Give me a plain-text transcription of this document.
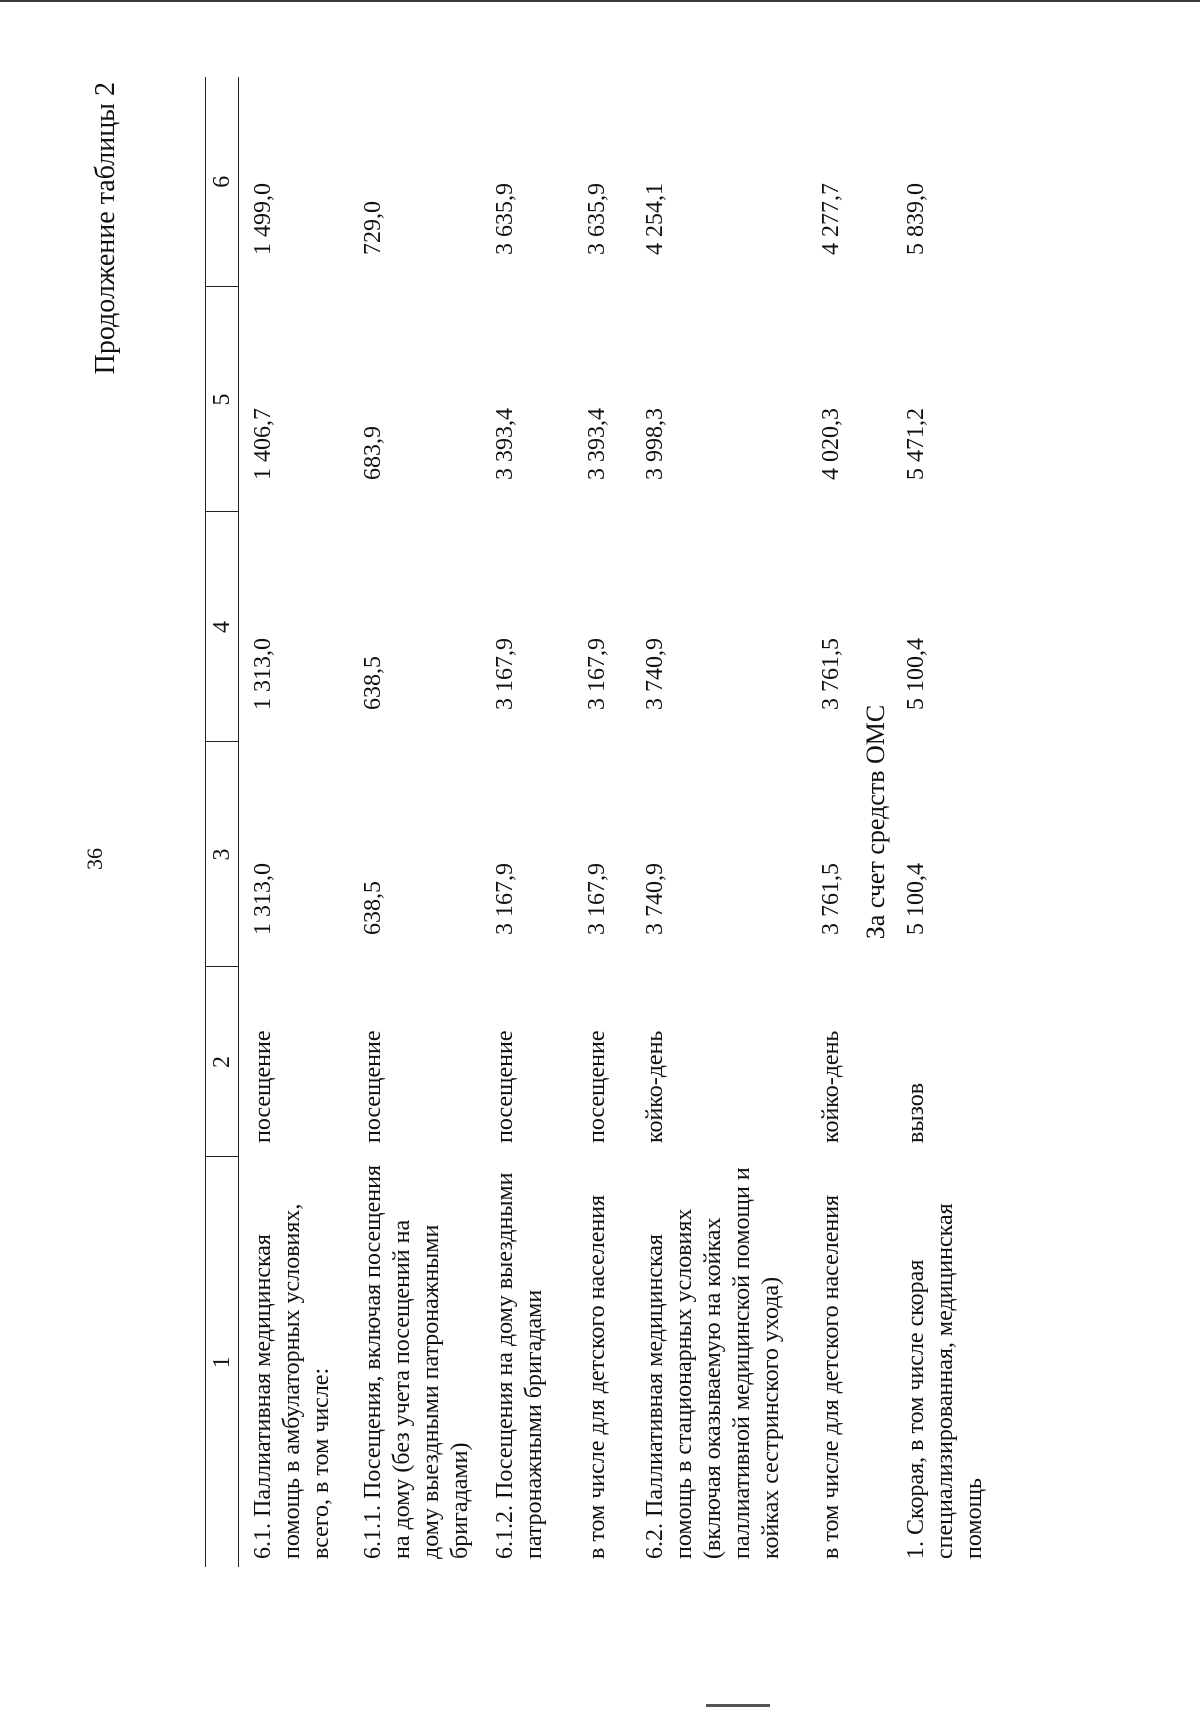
36
Продолжение таблицы 2
1	2	3	4	5	6
6.1. Паллиативная медицинская помощь в амбулаторных условиях, всего, в том числе:	посещение	1 313,0	1 313,0	1 406,7	1 499,0
6.1.1. Посещения, включая посещения на дому (без учета посещений на дому выездными патронажными бригадами)	посещение	638,5	638,5	683,9	729,0
6.1.2. Посещения на дому выездными патронажными бригадами	посещение	3 167,9	3 167,9	3 393,4	3 635,9
в том числе для детского населения	посещение	3 167,9	3 167,9	3 393,4	3 635,9
6.2. Паллиативная медицинская помощь в стационарных условиях (включая оказываемую на койках паллиативной медицинской помощи и койках сестринского ухода)	койко-день	3 740,9	3 740,9	3 998,3	4 254,1
в том числе для детского населения	койко-день	3 761,5	3 761,5	4 020,3	4 277,7
За счет средств ОМС					
1. Скорая, в том числе скорая специализированная, медицинская помощь	вызов	5 100,4	5 100,4	5 471,2	5 839,0
